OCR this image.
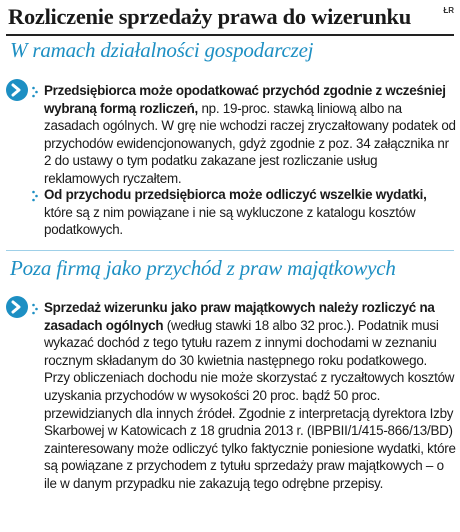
Rozliczenie sprzedaży prawa do wizerunku	ŁR
W ramach działalności gospodarczej
Przedsiębiorca może opodatkować przychód zgodnie z wcześniej wybraną formą rozliczeń, np. 19-proc. stawką liniową albo na zasadach ogólnych. W grę nie wchodzi raczej zryczałtowany podatek od przychodów ewidencjonowanych, gdyż zgodnie z poz. 34 załącznika nr 2 do ustawy o tym podatku zakazane jest rozliczanie usług reklamowych ryczałtem.
Od przychodu przedsiębiorca może odliczyć wszelkie wydatki, które są z nim powiązane i nie są wykluczone z katalogu kosztów podatkowych.
Poza firmą jako przychód z praw majątkowych
Sprzedaż wizerunku jako praw majątkowych należy rozliczyć na zasadach ogólnych (według stawki 18 albo 32 proc.). Podatnik musi wykazać dochód z tego tytułu razem z innymi dochodami w zeznaniu rocznym składanym do 30 kwietnia następnego roku podatkowego. Przy obliczeniach dochodu nie może skorzystać z ryczałtowych kosztów uzyskania przychodów w wysokości 20 proc. bądź 50 proc. przewidzianych dla innych źródeł. Zgodnie z interpretacją dyrektora Izby Skarbowej w Katowicach z 18 grudnia 2013 r. (IBPBII/1/415-866/13/BD) zainteresowany może odliczyć tylko faktycznie poniesione wydatki, które są powiązane z przychodem z tytułu sprzedaży praw majątkowych – o ile w danym przypadku nie zakazują tego odrębne przepisy.
